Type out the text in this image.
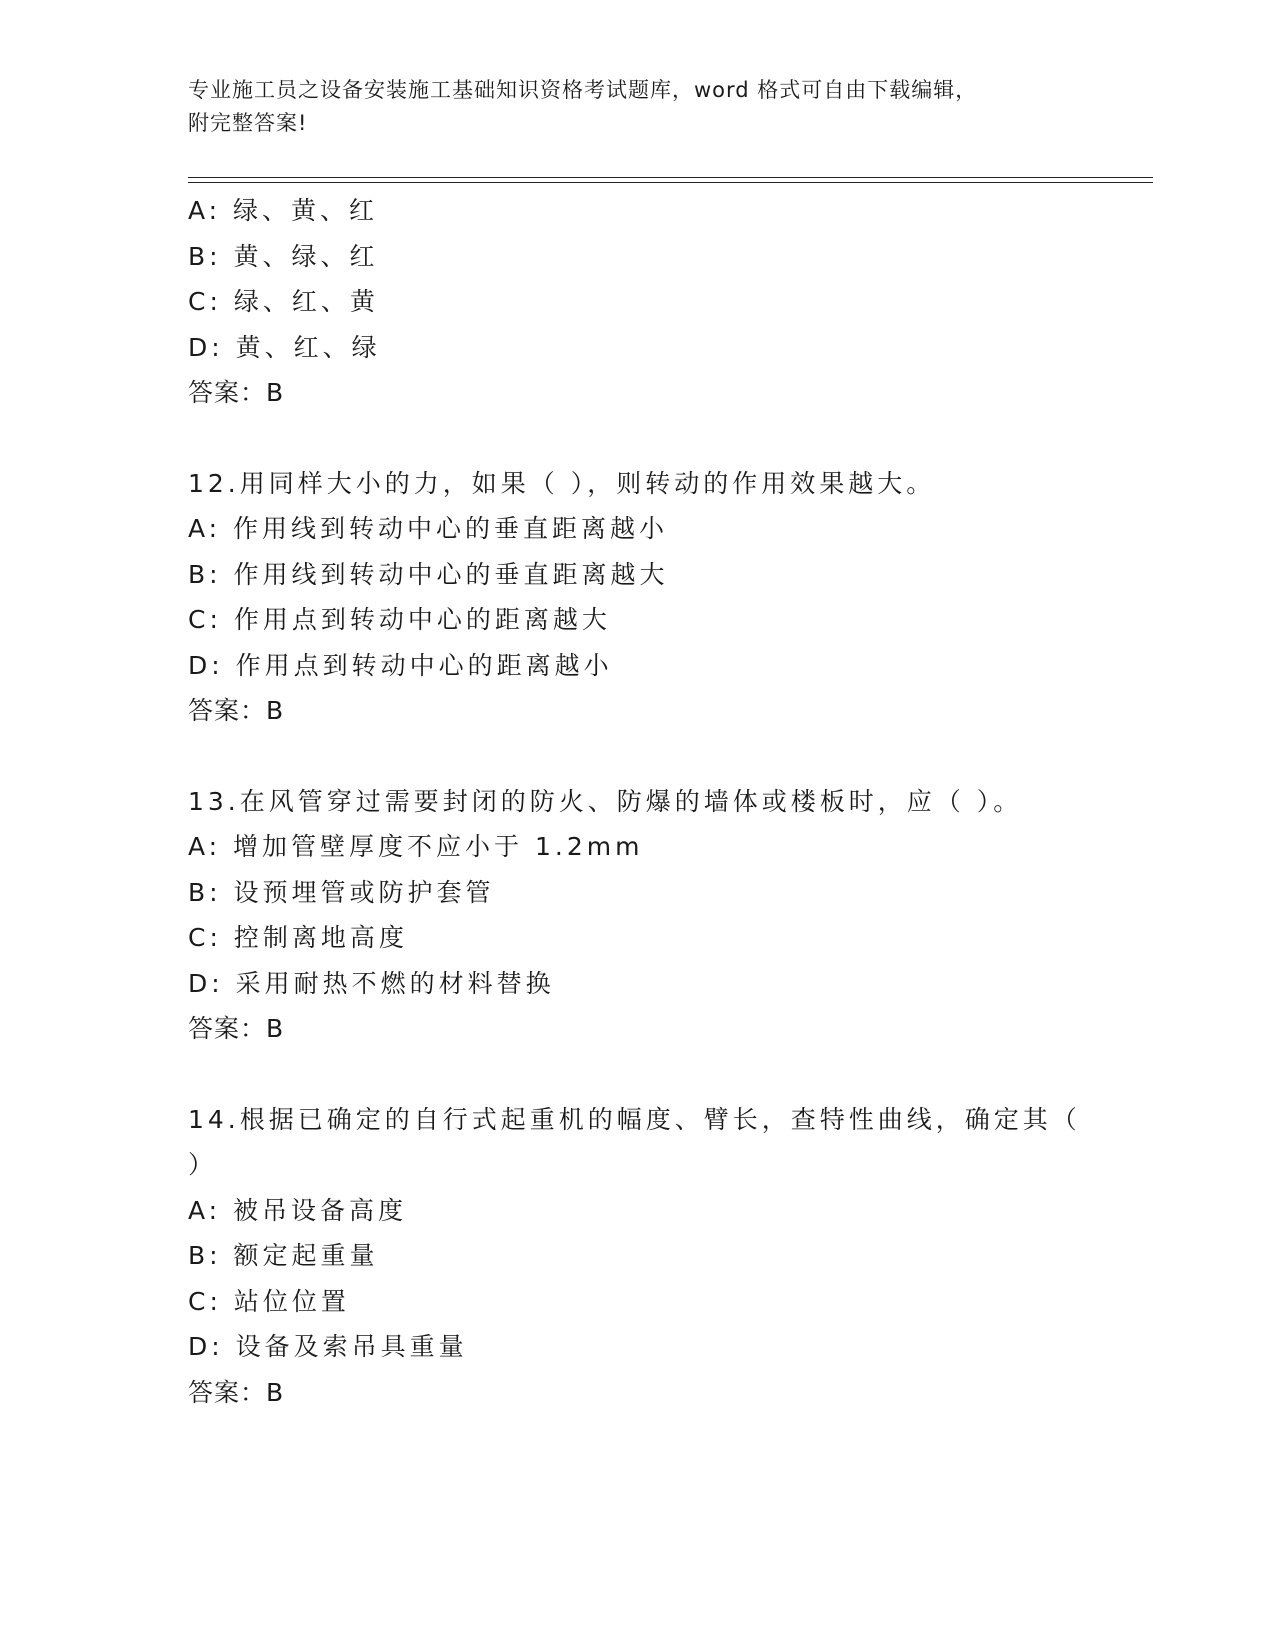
专业施工员之设备安装施工基础知识资格考试题库，word 格式可自由下载编辑，
附完整答案!
A: 绿、黄、红
B: 黄、绿、红
C: 绿、红、黄
D: 黄、红、绿
答案：B
12.用同样大小的力，如果（ ），则转动的作用效果越大。
A: 作用线到转动中心的垂直距离越小
B: 作用线到转动中心的垂直距离越大
C: 作用点到转动中心的距离越大
D: 作用点到转动中心的距离越小
答案：B
13.在风管穿过需要封闭的防火、防爆的墙体或楼板时，应（ ）。
A: 增加管壁厚度不应小于 1.2mm
B: 设预埋管或防护套管
C: 控制离地高度
D: 采用耐热不燃的材料替换
答案：B
14.根据已确定的自行式起重机的幅度、臂长，查特性曲线，确定其（
）
A: 被吊设备高度
B: 额定起重量
C: 站位位置
D: 设备及索吊具重量
答案：B
